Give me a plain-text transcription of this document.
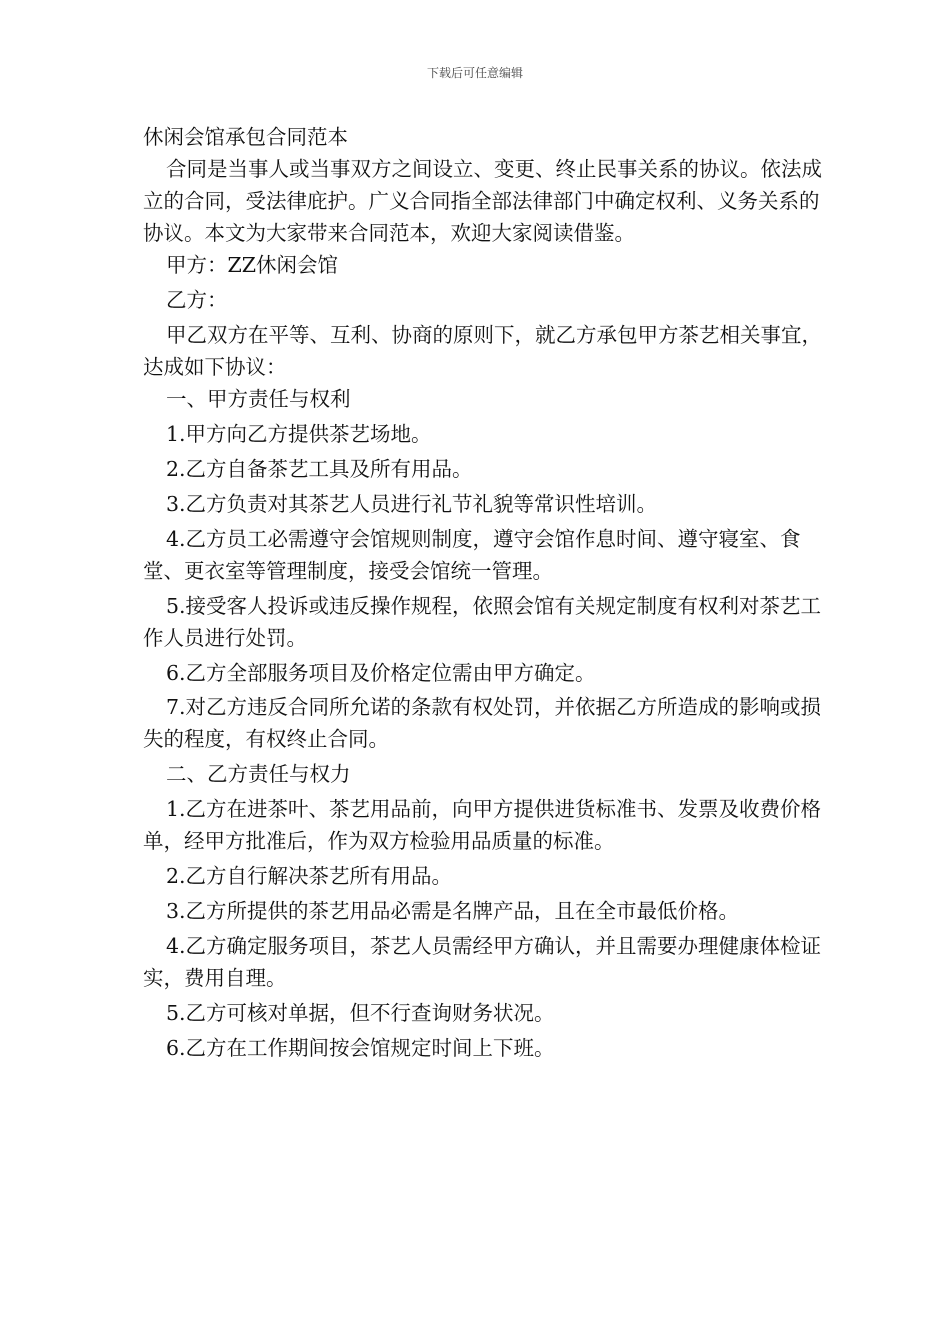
下载后可任意编辑

休闲会馆承包合同范本

合同是当事人或当事双方之间设立、变更、终止民事关系的协议。依法成立的合同，受法律庇护。广义合同指全部法律部门中确定权利、义务关系的协议。本文为大家带来合同范本，欢迎大家阅读借鉴。

甲方：ZZ休闲会馆

乙方：

甲乙双方在平等、互利、协商的原则下，就乙方承包甲方茶艺相关事宜，达成如下协议：

一、甲方责任与权利

1.甲方向乙方提供茶艺场地。

2.乙方自备茶艺工具及所有用品。

3.乙方负责对其茶艺人员进行礼节礼貌等常识性培训。

4.乙方员工必需遵守会馆规则制度，遵守会馆作息时间、遵守寝室、食堂、更衣室等管理制度，接受会馆统一管理。

5.接受客人投诉或违反操作规程，依照会馆有关规定制度有权利对茶艺工作人员进行处罚。

6.乙方全部服务项目及价格定位需由甲方确定。

7.对乙方违反合同所允诺的条款有权处罚，并依据乙方所造成的影响或损失的程度，有权终止合同。

二、乙方责任与权力

1.乙方在进茶叶、茶艺用品前，向甲方提供进货标准书、发票及收费价格单，经甲方批准后，作为双方检验用品质量的标准。

2.乙方自行解决茶艺所有用品。

3.乙方所提供的茶艺用品必需是名牌产品，且在全市最低价格。

4.乙方确定服务项目，茶艺人员需经甲方确认，并且需要办理健康体检证实，费用自理。

5.乙方可核对单据，但不行查询财务状况。

6.乙方在工作期间按会馆规定时间上下班。
